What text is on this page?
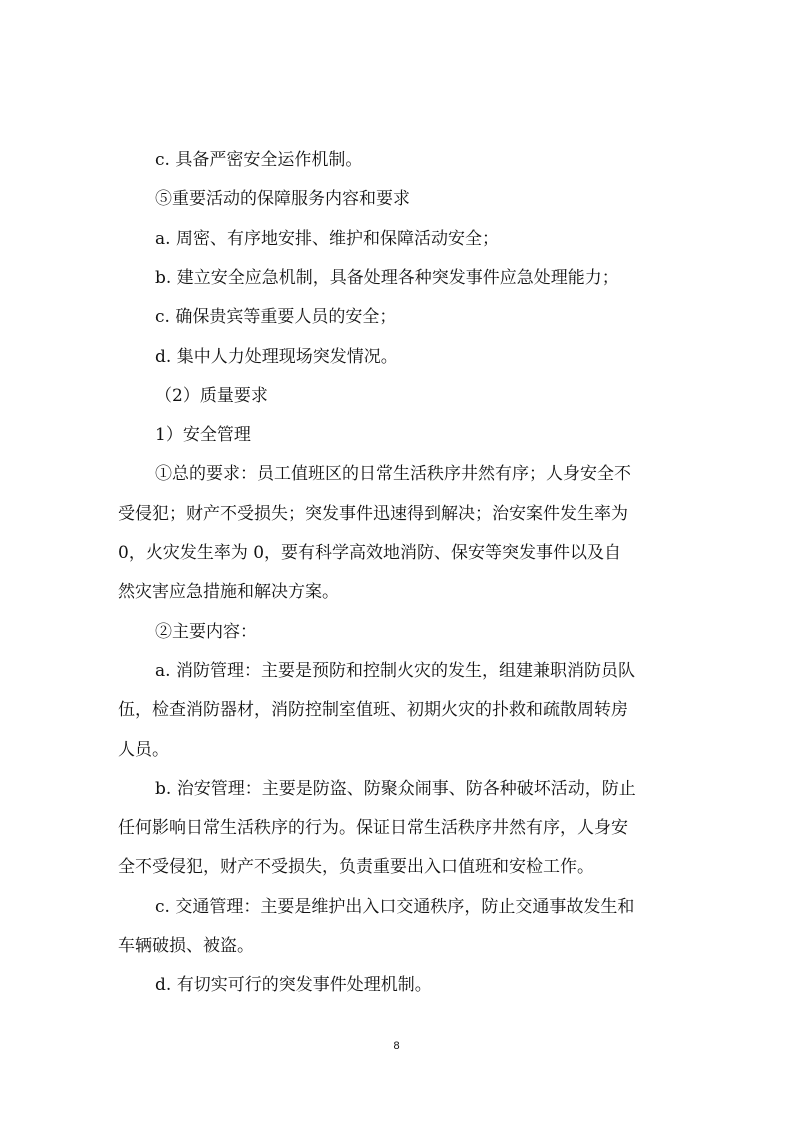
c. 具备严密安全运作机制。
⑤重要活动的保障服务内容和要求
a. 周密、有序地安排、维护和保障活动安全；
b. 建立安全应急机制，具备处理各种突发事件应急处理能力；
c. 确保贵宾等重要人员的安全；
d. 集中人力处理现场突发情况。
（2）质量要求
1）安全管理
①总的要求：员工值班区的日常生活秩序井然有序；人身安全不
受侵犯；财产不受损失；突发事件迅速得到解决；治安案件发生率为
0，火灾发生率为 0，要有科学高效地消防、保安等突发事件以及自
然灾害应急措施和解决方案。
②主要内容：
a. 消防管理：主要是预防和控制火灾的发生，组建兼职消防员队
伍，检查消防器材，消防控制室值班、初期火灾的扑救和疏散周转房
人员。
b. 治安管理：主要是防盗、防聚众闹事、防各种破坏活动，防止
任何影响日常生活秩序的行为。保证日常生活秩序井然有序，人身安
全不受侵犯，财产不受损失，负责重要出入口值班和安检工作。
c. 交通管理：主要是维护出入口交通秩序，防止交通事故发生和
车辆破损、被盗。
d. 有切实可行的突发事件处理机制。
8
